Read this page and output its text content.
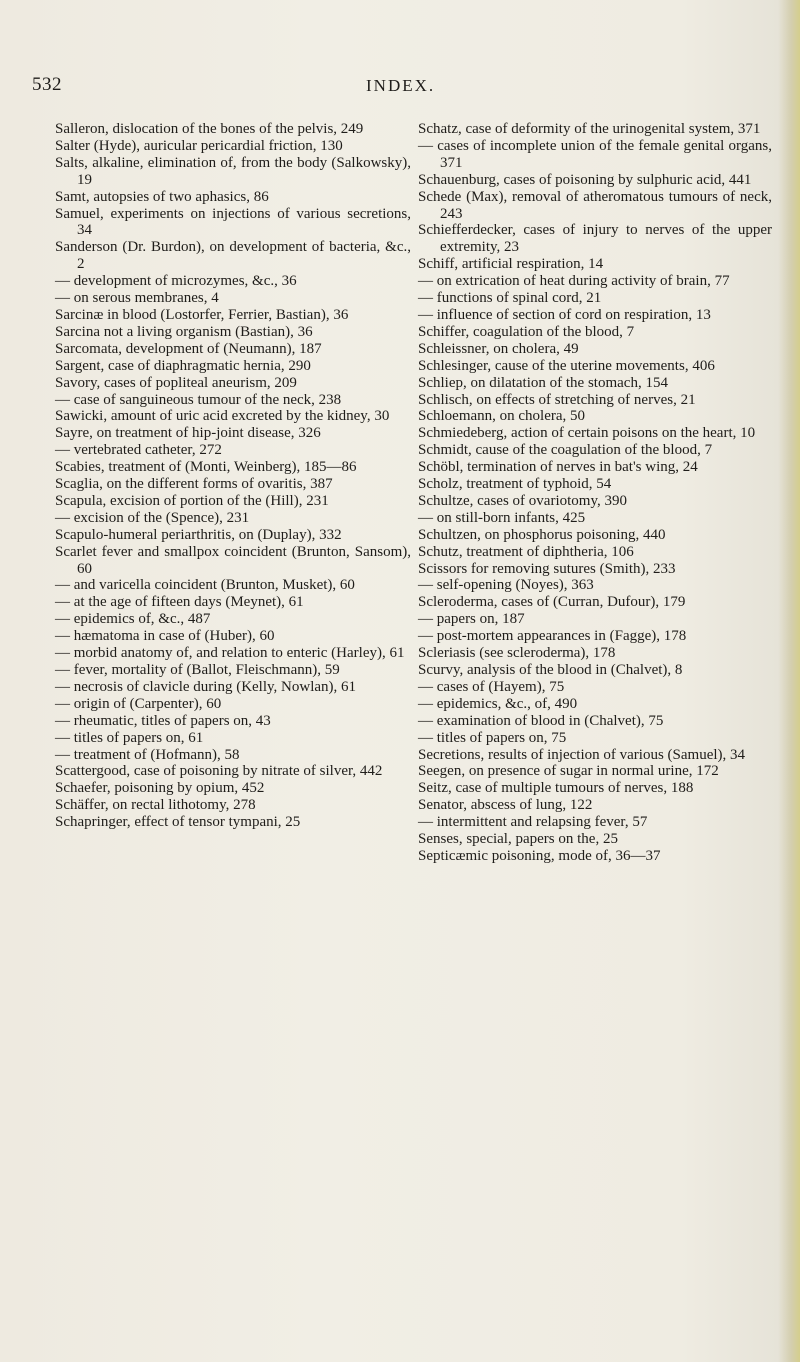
532	INDEX.

Salleron, dislocation of the bones of the pelvis, 249

Salter (Hyde), auricular pericardial friction, 130

Salts, alkaline, elimination of, from the body (Salkowsky), 19

Samt, autopsies of two aphasics, 86

Samuel, experiments on injections of various secretions, 34

Sanderson (Dr. Burdon), on development of bacteria, &c., 2

— development of microzymes, &c., 36

— on serous membranes, 4

Sarcinæ in blood (Lostorfer, Ferrier, Bastian), 36

Sarcina not a living organism (Bastian), 36

Sarcomata, development of (Neumann), 187

Sargent, case of diaphragmatic hernia, 290

Savory, cases of popliteal aneurism, 209

— case of sanguineous tumour of the neck, 238

Sawicki, amount of uric acid excreted by the kidney, 30

Sayre, on treatment of hip-joint disease, 326

— vertebrated catheter, 272

Scabies, treatment of (Monti, Weinberg), 185—86

Scaglia, on the different forms of ovaritis, 387

Scapula, excision of portion of the (Hill), 231

— excision of the (Spence), 231

Scapulo-humeral periarthritis, on (Duplay), 332

Scarlet fever and smallpox coincident (Brunton, Sansom), 60

— and varicella coincident (Brunton, Musket), 60

— at the age of fifteen days (Meynet), 61

— epidemics of, &c., 487

— hæmatoma in case of (Huber), 60

— morbid anatomy of, and relation to enteric (Harley), 61

— fever, mortality of (Ballot, Fleischmann), 59

— necrosis of clavicle during (Kelly, Nowlan), 61

— origin of (Carpenter), 60

— rheumatic, titles of papers on, 43

— titles of papers on, 61

— treatment of (Hofmann), 58

Scattergood, case of poisoning by nitrate of silver, 442

Schaefer, poisoning by opium, 452

Schäffer, on rectal lithotomy, 278

Schapringer, effect of tensor tympani, 25

Schatz, case of deformity of the urinogenital system, 371

— cases of incomplete union of the female genital organs, 371

Schauenburg, cases of poisoning by sulphuric acid, 441

Schede (Max), removal of atheromatous tumours of neck, 243

Schiefferdecker, cases of injury to nerves of the upper extremity, 23

Schiff, artificial respiration, 14

— on extrication of heat during activity of brain, 77

— functions of spinal cord, 21

— influence of section of cord on respiration, 13

Schiffer, coagulation of the blood, 7

Schleissner, on cholera, 49

Schlesinger, cause of the uterine movements, 406

Schliep, on dilatation of the stomach, 154

Schlisch, on effects of stretching of nerves, 21

Schloemann, on cholera, 50

Schmiedeberg, action of certain poisons on the heart, 10

Schmidt, cause of the coagulation of the blood, 7

Schöbl, termination of nerves in bat's wing, 24

Scholz, treatment of typhoid, 54

Schultze, cases of ovariotomy, 390

— on still-born infants, 425

Schultzen, on phosphorus poisoning, 440

Schutz, treatment of diphtheria, 106

Scissors for removing sutures (Smith), 233

— self-opening (Noyes), 363

Scleroderma, cases of (Curran, Dufour), 179

— papers on, 187

— post-mortem appearances in (Fagge), 178

Scleriasis (see scleroderma), 178

Scurvy, analysis of the blood in (Chalvet), 8

— cases of (Hayem), 75

— epidemics, &c., of, 490

— examination of blood in (Chalvet), 75

— titles of papers on, 75

Secretions, results of injection of various (Samuel), 34

Seegen, on presence of sugar in normal urine, 172

Seitz, case of multiple tumours of nerves, 188

Senator, abscess of lung, 122

— intermittent and relapsing fever, 57

Senses, special, papers on the, 25

Septicæmic poisoning, mode of, 36—37
